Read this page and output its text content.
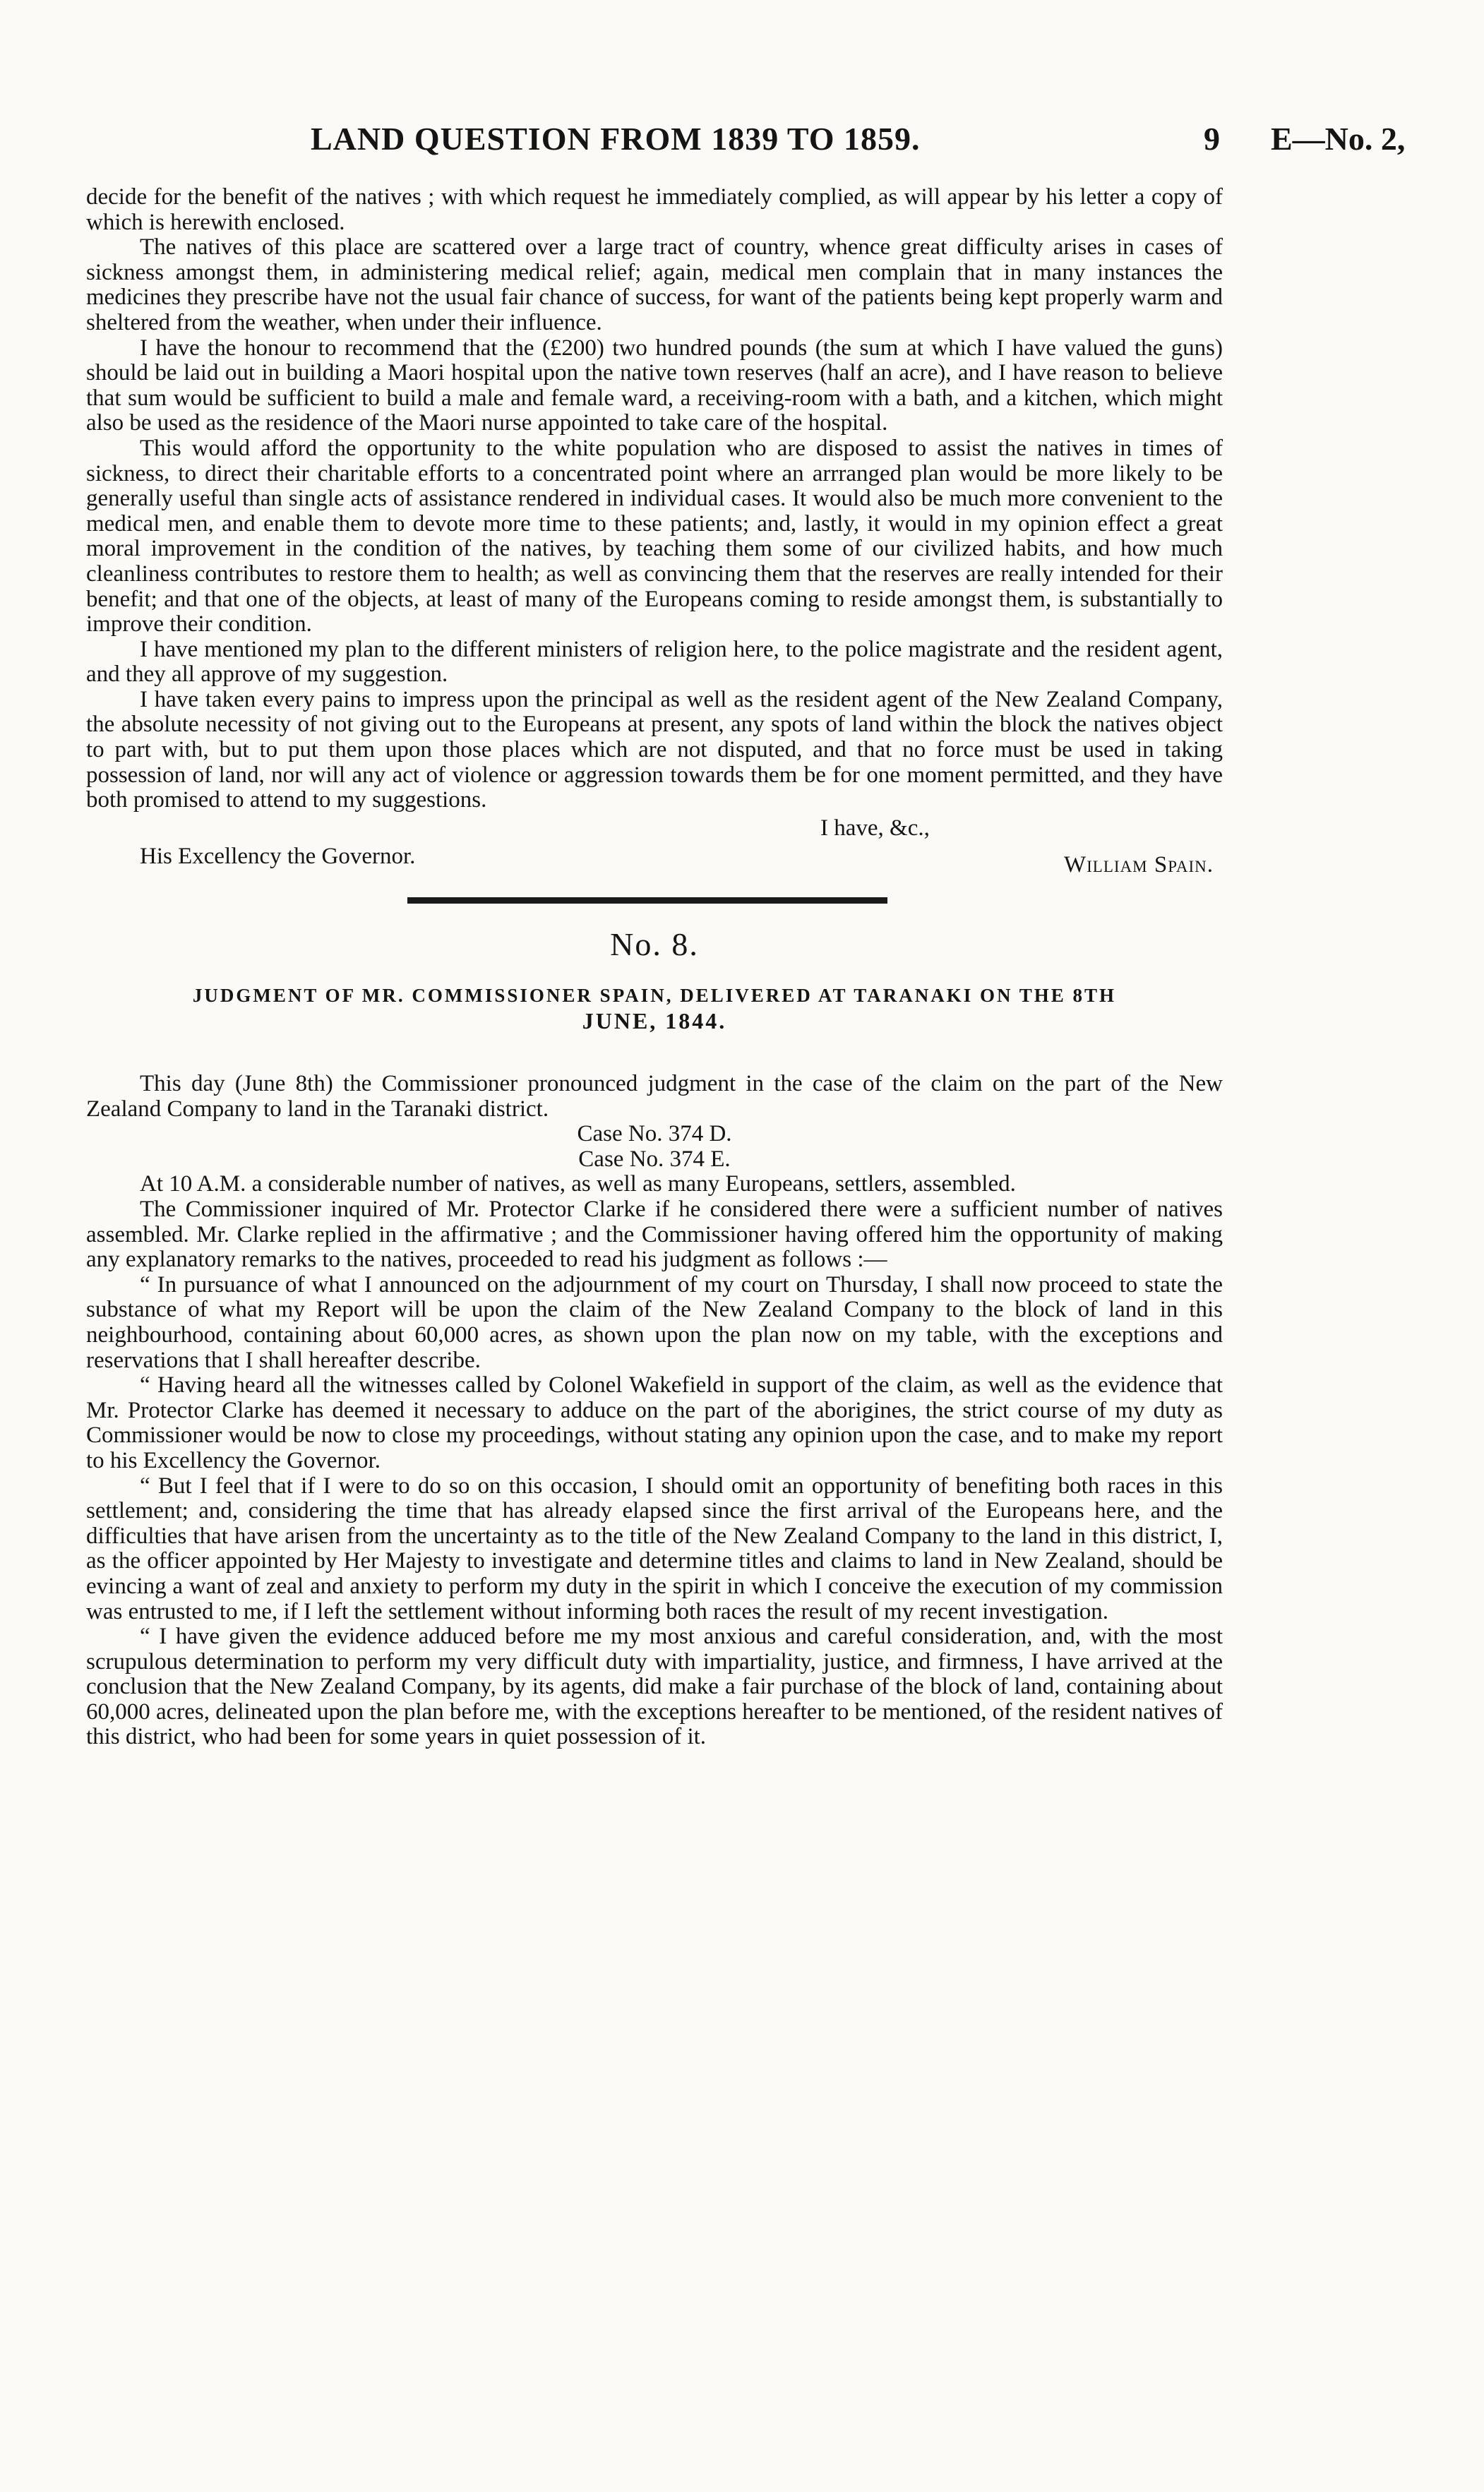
LAND QUESTION FROM 1839 TO 1859.	9 E—No. 2,

decide for the benefit of the natives ; with which request he immediately complied, as will appear by his letter a copy of which is herewith enclosed.

The natives of this place are scattered over a large tract of country, whence great difficulty arises in cases of sickness amongst them, in administering medical relief; again, medical men complain that in many instances the medicines they prescribe have not the usual fair chance of success, for want of the patients being kept properly warm and sheltered from the weather, when under their influence.

I have the honour to recommend that the (£200) two hundred pounds (the sum at which I have valued the guns) should be laid out in building a Maori hospital upon the native town reserves (half an acre), and I have reason to believe that sum would be sufficient to build a male and female ward, a receiving-room with a bath, and a kitchen, which might also be used as the residence of the Maori nurse appointed to take care of the hospital.

This would afford the opportunity to the white population who are disposed to assist the natives in times of sickness, to direct their charitable efforts to a concentrated point where an arrranged plan would be more likely to be generally useful than single acts of assistance rendered in individual cases. It would also be much more convenient to the medical men, and enable them to devote more time to these patients; and, lastly, it would in my opinion effect a great moral improvement in the condition of the natives, by teaching them some of our civilized habits, and how much cleanliness contributes to restore them to health; as well as convincing them that the reserves are really intended for their benefit; and that one of the objects, at least of many of the Europeans coming to reside amongst them, is substantially to improve their condition.

I have mentioned my plan to the different ministers of religion here, to the police magistrate and the resident agent, and they all approve of my suggestion.

I have taken every pains to impress upon the principal as well as the resident agent of the New Zealand Company, the absolute necessity of not giving out to the Europeans at present, any spots of land within the block the natives object to part with, but to put them upon those places which are not disputed, and that no force must be used in taking possession of land, nor will any act of violence or aggression towards them be for one moment permitted, and they have both promised to attend to my suggestions.

I have, &c.,
William Spain.

His Excellency the Governor.

No. 8.
JUDGMENT OF MR. COMMISSIONER SPAIN, DELIVERED AT TARANAKI ON THE 8TH
JUNE, 1844.

This day (June 8th) the Commissioner pronounced judgment in the case of the claim on the part of the New Zealand Company to land in the Taranaki district.

Case No. 374 D.

Case No. 374 E.

At 10 A.M. a considerable number of natives, as well as many Europeans, settlers, assembled.

The Commissioner inquired of Mr. Protector Clarke if he considered there were a sufficient number of natives assembled. Mr. Clarke replied in the affirmative ; and the Commissioner having offered him the opportunity of making any explanatory remarks to the natives, proceeded to read his judgment as follows :—

“ In pursuance of what I announced on the adjournment of my court on Thursday, I shall now proceed to state the substance of what my Report will be upon the claim of the New Zealand Company to the block of land in this neighbourhood, containing about 60,000 acres, as shown upon the plan now on my table, with the exceptions and reservations that I shall hereafter describe.

“ Having heard all the witnesses called by Colonel Wakefield in support of the claim, as well as the evidence that Mr. Protector Clarke has deemed it necessary to adduce on the part of the aborigines, the strict course of my duty as Commissioner would be now to close my proceedings, without stating any opinion upon the case, and to make my report to his Excellency the Governor.

“ But I feel that if I were to do so on this occasion, I should omit an opportunity of benefiting both races in this settlement; and, considering the time that has already elapsed since the first arrival of the Europeans here, and the difficulties that have arisen from the uncertainty as to the title of the New Zealand Company to the land in this district, I, as the officer appointed by Her Majesty to investigate and determine titles and claims to land in New Zealand, should be evincing a want of zeal and anxiety to perform my duty in the spirit in which I conceive the execution of my commission was entrusted to me, if I left the settlement without informing both races the result of my recent investigation.

“ I have given the evidence adduced before me my most anxious and careful consideration, and, with the most scrupulous determination to perform my very difficult duty with impartiality, justice, and firmness, I have arrived at the conclusion that the New Zealand Company, by its agents, did make a fair purchase of the block of land, containing about 60,000 acres, delineated upon the plan before me, with the exceptions hereafter to be mentioned, of the resident natives of this district, who had been for some years in quiet possession of it.
